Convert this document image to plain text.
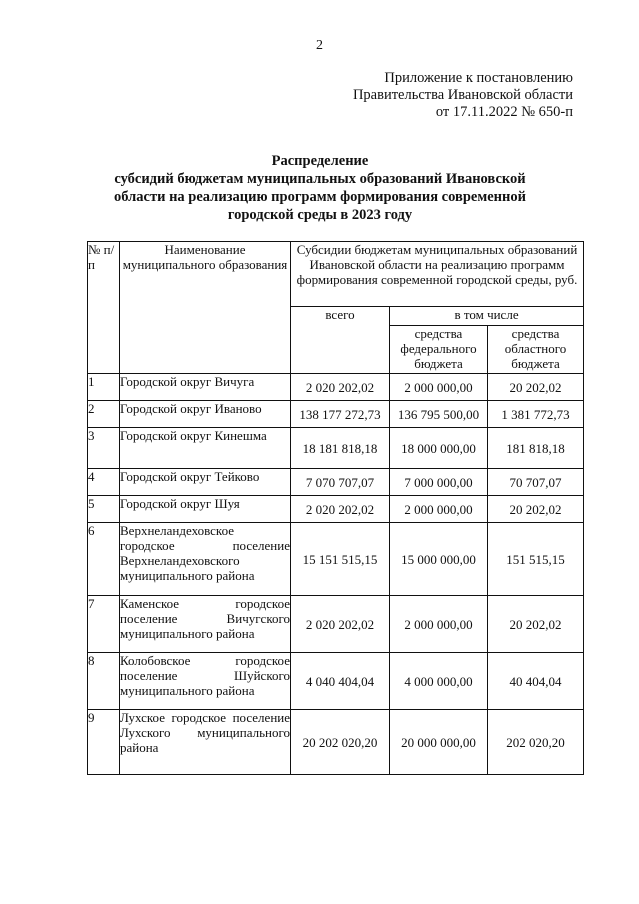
2
Приложение к постановлению
Правительства Ивановской области
от 17.11.2022 № 650-п
Распределение
субсидий бюджетам муниципальных образований Ивановской
области на реализацию программ формирования современной
городской среды в 2023 году
№ п/п	Наименование муниципального образования	Субсидии бюджетам муниципальных образований Ивановской области на реализацию программ формирования современной городской среды, руб.		
		всего	в том числе	
			средства федерального бюджета	средства областного бюджета
1	Городской округ Вичуга	2 020 202,02	2 000 000,00	20 202,02
2	Городской округ Иваново	138 177 272,73	136 795 500,00	1 381 772,73
3	Городской округ Кинешма	18 181 818,18	18 000 000,00	181 818,18
4	Городской округ Тейково	7 070 707,07	7 000 000,00	70 707,07
5	Городской округ Шуя	2 020 202,02	2 000 000,00	20 202,02
6	Верхнеландеховское городское поселение Верхнеландеховского муниципального района	15 151 515,15	15 000 000,00	151 515,15
7	Каменское городское поселение Вичугского муниципального района	2 020 202,02	2 000 000,00	20 202,02
8	Колобовское городское поселение Шуйского муниципального района	4 040 404,04	4 000 000,00	40 404,04
9	Лухское городское поселение Лухского муниципального района	20 202 020,20	20 000 000,00	202 020,20
